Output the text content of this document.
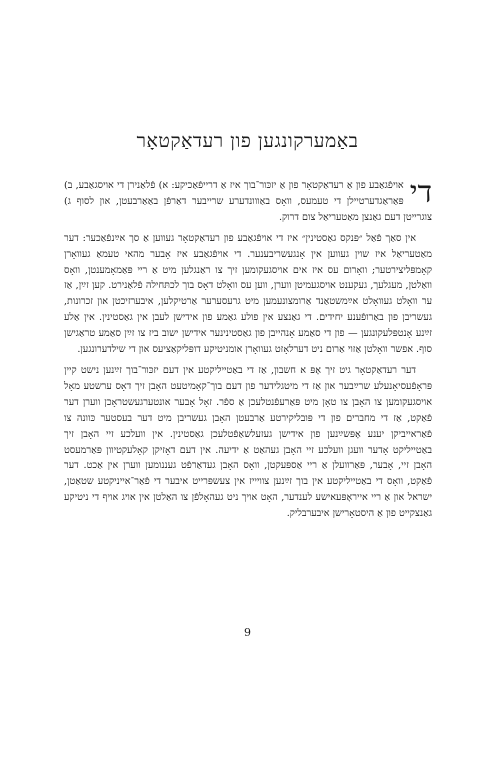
באַמערקונגען פון רעדאַקטאָר

די
אויפֿגאַבע פון אַ רעדאַקטאָר פון אַ יזכּור־בוך איז אַ דרייפֿאַכיקע: א) פֿלאַנירן די אויסגאַבע, ב) פּאַראַגדערטיילן די טעמעס, וואָס באַווונדערע שרייבער דאַרפֿן באַאַרבעטן, און לסוף ג) צוגרייטן דעם גאַנצן מאַטעריאַל צום דרוק.

אין סאַך פֿאַל ״פּנקס גאַסטינין״ איז די אויפֿגאַבע פון רעדאַקטאָר געווען אַ סך אײַנפֿאַכער: דער מאַטעריאַל איז שוין געווען אין אָנגעשריבענער. די אויפֿגאַבע איז אָבער מהאי טעמאַ געוואָרן קאָמפּליצירטער; וואָרום עס איז אים אויסגעקומען זיך צו ראַנגלען מיט אַ ריי פּאַמאָמענטן, וואָס וואַלטן, מעגלעך, געקענט אויסגעמיטן ווערן, ווען עס וואָלט דאָס בוך לכתּחילה פֿלאַנירט. קען זײַן, אַז ער וואָלט געוואָלט אײַמשטאַנד אַרומצונעמען מיט גרעסערער אַרטיקלען, איבערזיכטן און זכרונות, געשריבן פון באַרופֿענע יחידים. די גאַנצע אין פולע גאַמע פון אידישן לעבן אין גאַסטינין. אין אַלע זײַנע אָנטפּלעקונגען — פון די סאַמע אָנהייבן פון גאַסטינינער אידישן ישוב ביז צו זײַן סאַמע טראַגישן סוף. אפשר וואָלטן אַזוי אַרום ניט דערלאָזט געוואָרן אומניטיקע דופּליקאַציעס און די שילדערונגען.

דער רעדאַקטאָר גיט זיך אָפּ א חשבון, אַז די באַטייליקטע אין דעם יזכּור־בוך זײַנען נישט קיין פּראָפֿעסיאָנעלע שרײַבער און אַז די מיטגלידער פון דעם בוך־קאָמיטעט האָבן זיך דאָס ערשטע מאָל אויסגעקומען צו האָבן צו טאָן מיט פּאַרעפֿנטלעכן אַ ספֿר. זאָל אָבער אונטערגעשטראָכן ווערן דער פֿאַקט, אַז די מחברים פון די פּובליקירטע אַרבעטן האָבן געשריבן מיט דער בעסטער כּוונה צו פֿאַראייביקן יענע אָפּשײַנען פון אידישן געזעלשאַפֿטלעכן גאַסטינין. אין וועלכע זיי האָבן זיך באַטייליקט אָדער וועגן וועלכע זיי האָבן געהאַט אַ ידיעה. אין דעם דאָזיקן קאָלעקטיוון פּאַרמעסט האָבן זיי, אָבער, פּאַרוועלן אַ ריי אַספּעקטן, וואָס האָבן געדאַרפֿט געננומען ווערן אין אַכט. דער פֿאַקט, וואָס די באַטייליקטע אין בוך זײַנען צוויייז אין צעשפּרייט איבער די פֿאַר־אייניקטע שטאַטן, ישראל און אַ ריי אייראָפּעאישע לענדער, האָט אויך ניט געהאָלפֿן צו האַלטן אין אויג אויף די ניטיקע גאַנצקייט פון אַ היסטאָרישן איבערבליק.

9
